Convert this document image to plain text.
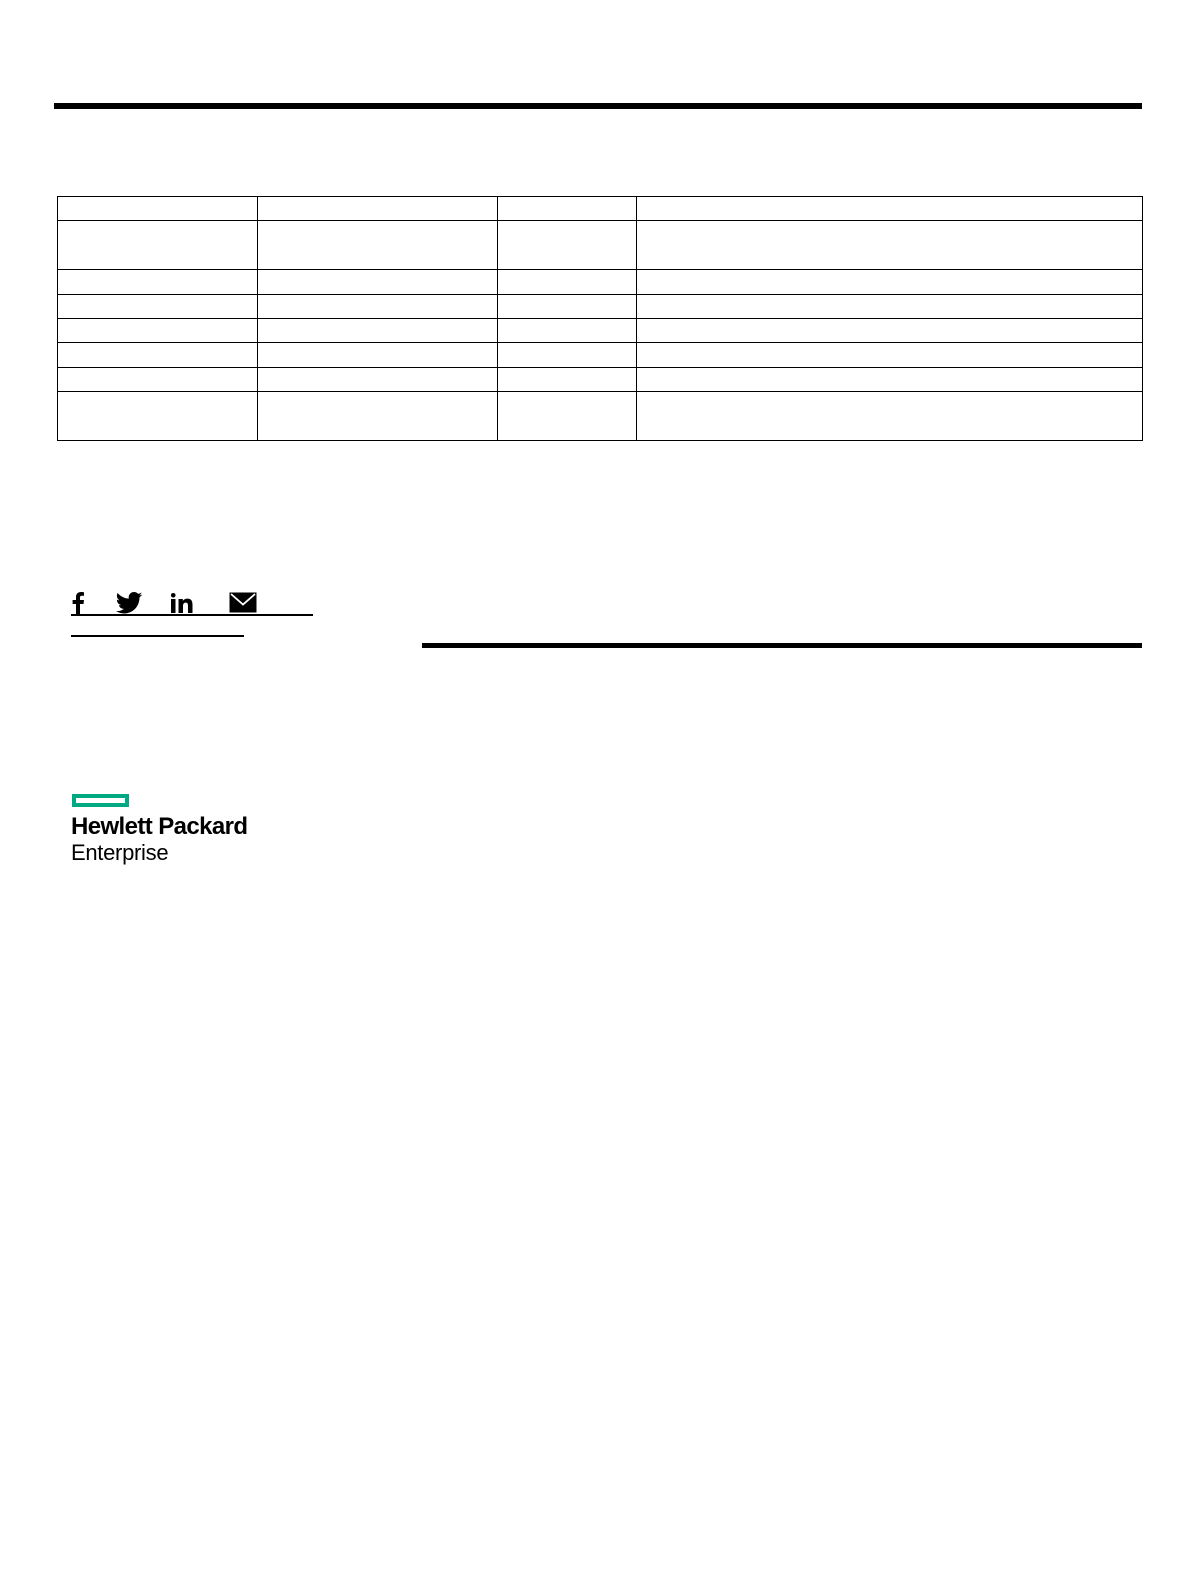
Hewlett Packard
Enterprise
